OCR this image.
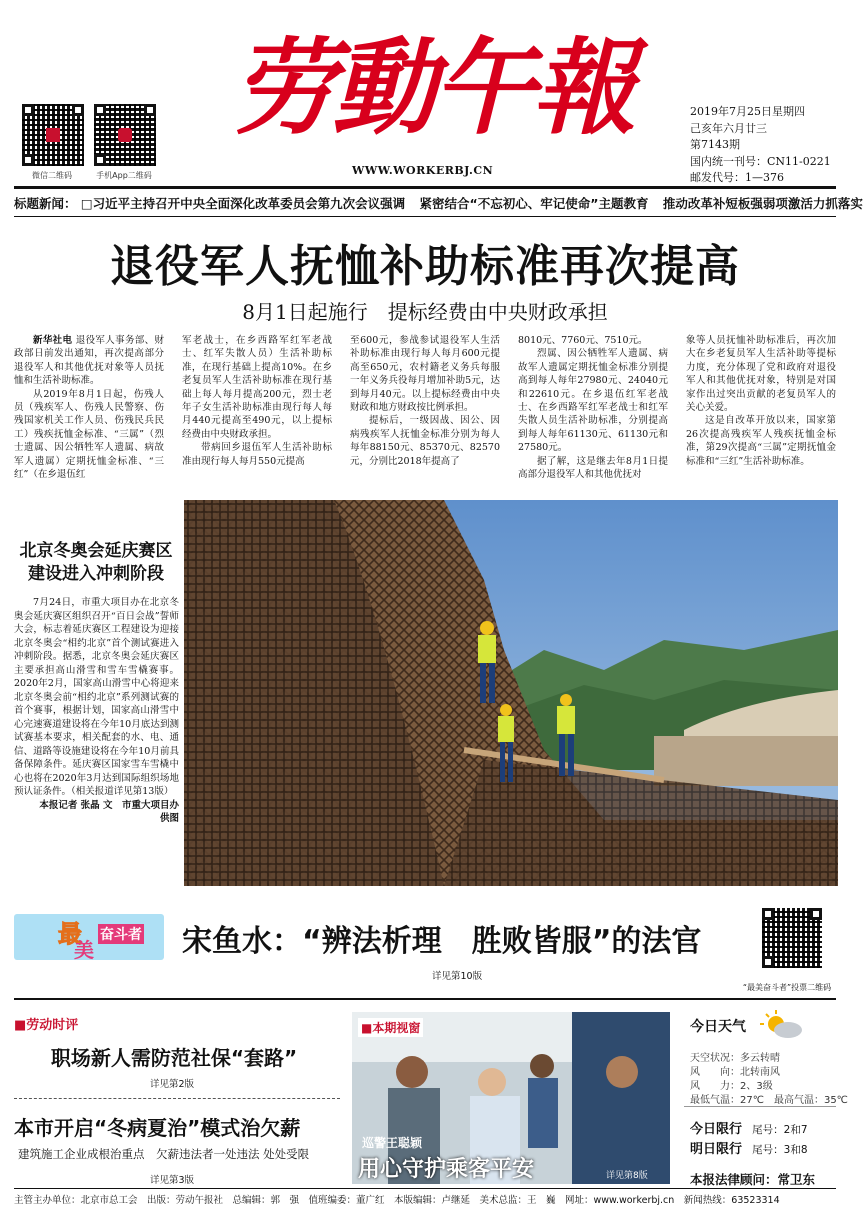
微信二维码	手机App二维码
劳動午報
WWW.WORKERBJ.CN
2019年7月25日星期四
己亥年六月廿三
第7143期
国内统一刊号：CN11-0221
邮发代号：1—376
标题新闻： □习近平主持召开中央全面深化改革委员会第九次会议强调 紧密结合“不忘初心、牢记使命”主题教育 推动改革补短板强弱项激活力抓落实
退役军人抚恤补助标准再次提高
8月1日起施行　提标经费由中央财政承担

新华社电 退役军人事务部、财政部日前发出通知，再次提高部分退役军人和其他优抚对象等人员抚恤和生活补助标准。

从2019年8月1日起，伤残人员（残疾军人、伤残人民警察、伤残国家机关工作人员、伤残民兵民工）残疾抚恤金标准、“三属”（烈士遗属、因公牺牲军人遗属、病故军人遗属）定期抚恤金标准、“三红”（在乡退伍红

军老战士，在乡西路军红军老战士、红军失散人员）生活补助标准，在现行基础上提高10%。在乡老复员军人生活补助标准在现行基础上每人每月提高200元，烈士老年子女生活补助标准由现行每人每月440元提高至490元，以上提标经费由中央财政承担。

带病回乡退伍军人生活补助标准由现行每人每月550元提高

至600元，参战参试退役军人生活补助标准由现行每人每月600元提高至650元，农村籍老义务兵每服一年义务兵役每月增加补助5元，达到每月40元。以上提标经费由中央财政和地方财政按比例承担。

提标后，一级因战、因公、因病残疾军人抚恤金标准分别为每人每年88150元、85370元、82570元，分别比2018年提高了

8010元、7760元、7510元。

烈属、因公牺牲军人遗属、病故军人遗属定期抚恤金标准分别提高到每人每年27980元、24040元和22610元。在乡退伍红军老战士、在乡西路军红军老战士和红军失散人员生活补助标准，分别提高到每人每年61130元、61130元和27580元。

据了解，这是继去年8月1日提高部分退役军人和其他优抚对

象等人员抚恤补助标准后，再次加大在乡老复员军人生活补助等提标力度，充分体现了党和政府对退役军人和其他优抚对象，特别是对国家作出过突出贡献的老复员军人的关心关爱。

这是自改革开放以来，国家第26次提高残疾军人残疾抚恤金标准，第29次提高“三属”定期抚恤金标准和“三红”生活补助标准。

北京冬奥会延庆赛区建设进入冲刺阶段

7月24日，市重大项目办在北京冬奥会延庆赛区组织召开“百日会战”誓师大会，标志着延庆赛区工程建设为迎接北京冬奥会“相约北京”首个测试赛进入冲刺阶段。据悉，北京冬奥会延庆赛区主要承担高山滑雪和雪车雪橇赛事。2020年2月，国家高山滑雪中心将迎来北京冬奥会前“相约北京”系列测试赛的首个赛事，根据计划，国家高山滑雪中心完速赛道建设将在今年10月底达到测试赛基本要求，相关配套的水、电、通信、道路等设施建设将在今年10月前具备保障条件。延庆赛区国家雪车雪橇中心也将在2020年3月达到国际组织场地预认证条件。（相关报道详见第13版）

本报记者 张晶 文　市重大项目办供图

最
美
奋斗者 宋鱼水：“辨法析理　胜败皆服”的法官
详见第10版
“最美奋斗者”投票二维码
■劳动时评
职场新人需防范社保“套路”
详见第2版
本市开启“冬病夏治”模式治欠薪
建筑施工企业成根治重点　欠薪违法者一处违法 处处受限
详见第3版
■本期视窗
巡警王聪颖
用心守护乘客平安	详见第8版
今日天气
天空状况：多云转晴
风　　向：北转南风
风　　力：2、3级
最低气温：27℃　最高气温：35℃
今日限行 尾号：2和7
明日限行 尾号：3和8
本报法律顾问：常卫东
主管主办单位：北京市总工会　出版：劳动午报社　总编辑：郭　强　值班编委：董广红　本版编辑：卢继延　美术总监：王　巍　网址：www.workerbj.cn　新闻热线：63523314
